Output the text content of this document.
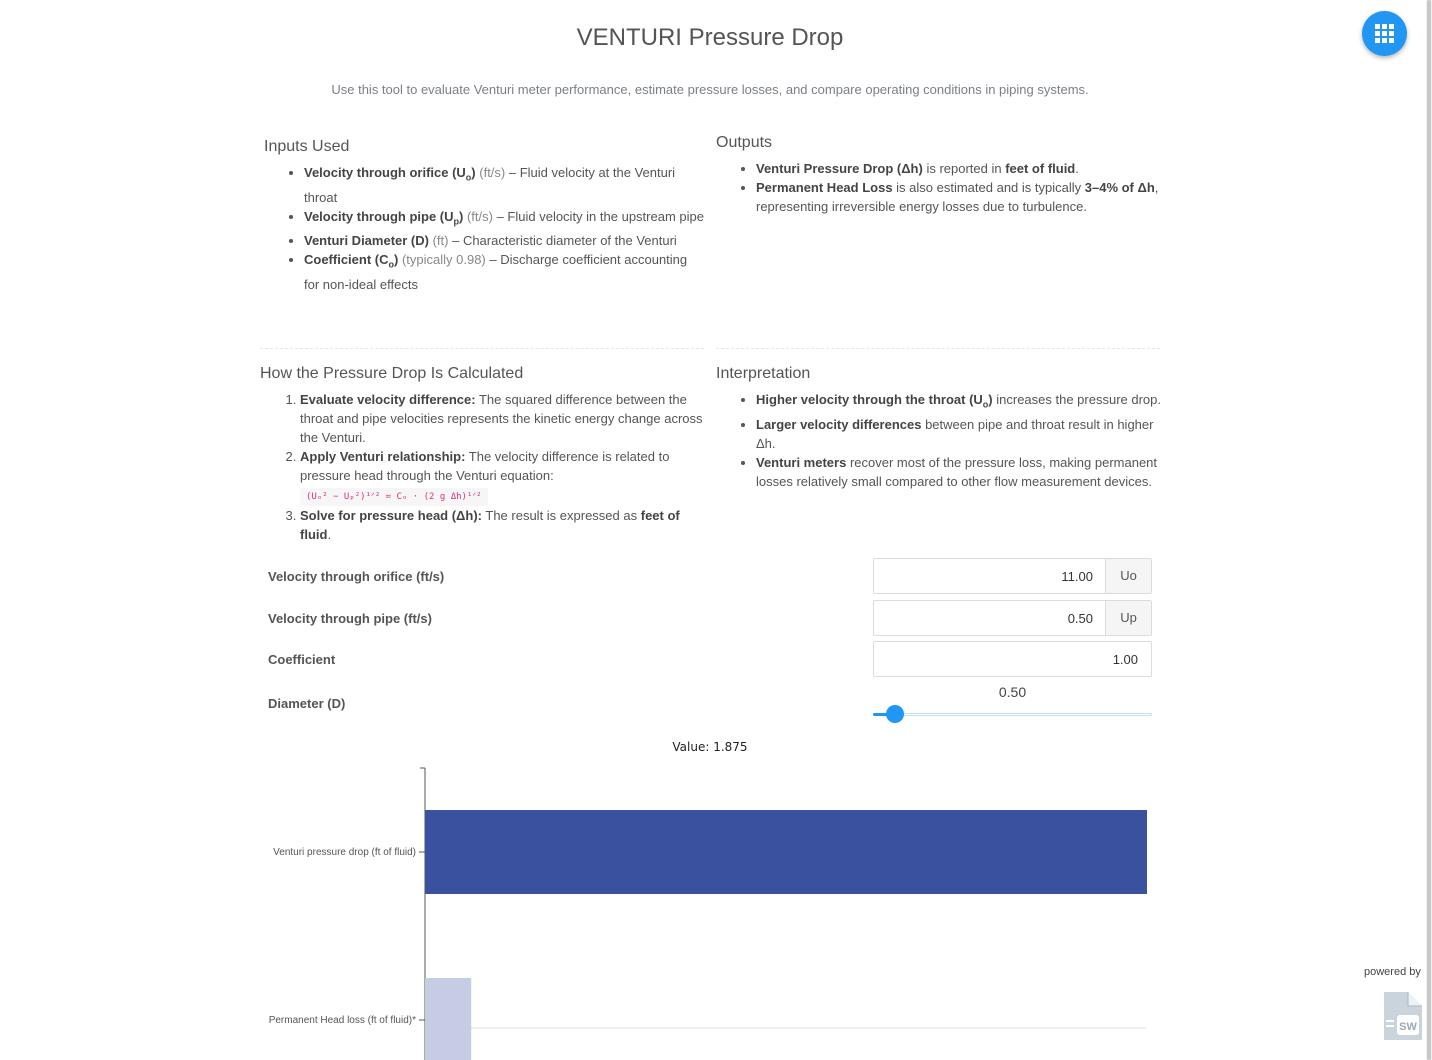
VENTURI Pressure Drop
Use this tool to evaluate Venturi meter performance, estimate pressure losses, and compare operating conditions in piping systems.
Inputs Used
• Velocity through orifice $(U_o)$ (ft/s) – Fluid velocity at the Venturi throat
• Velocity through pipe $(U_p)$ (ft/s) – Fluid velocity in the upstream pipe
• Venturi Diameter (D) (ft) – Characteristic diameter of the Venturi
• Coefficient $(C_o)$ (typically 0.98) – Discharge coefficient accounting for non-ideal effects
Outputs
• Venturi Pressure Drop (Δh) is reported in feet of fluid.
• Permanent Head Loss is also estimated and is typically 3–4% of Δh, representing irreversible energy losses due to turbulence.
How the Pressure Drop Is Calculated
1. Evaluate velocity difference: The squared difference between the throat and pipe velocities represents the kinetic energy change across the Venturi.
2. Apply Venturi relationship: The velocity difference is related to pressure head through the Venturi equation:
(Uₒ² − Uₚ²)¹ᐟ² = Cₒ · (2 g Δh)¹ᐟ²
3. Solve for pressure head (Δh): The result is expressed as feet of fluid.
Interpretation
• Higher velocity through the throat $(U_o)$ increases the pressure drop.
• Larger velocity differences between pipe and throat result in higher Δh.
• Venturi meters recover most of the pressure loss, making permanent losses relatively small compared to other flow measurement devices.
Velocity through orifice (ft/s)	11.00	Uo
Velocity through pipe (ft/s)	0.50	Up
Coefficient	1.00
Diameter (D)
0.50
Value: 1.875
Venturi pressure drop (ft of fluid)
Permanent Head loss (ft of fluid)*
powered by
SW
